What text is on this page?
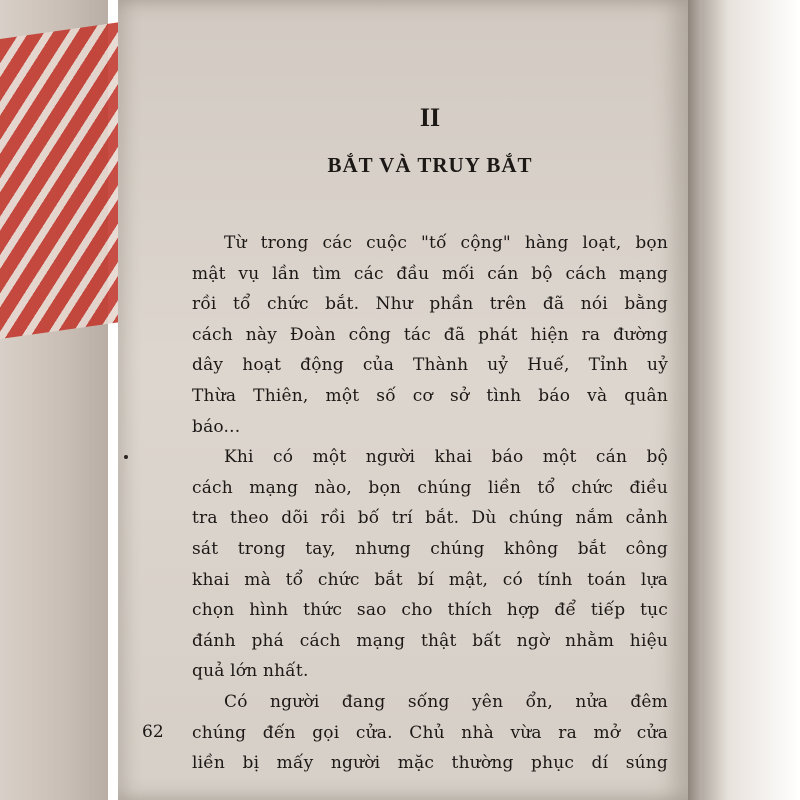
II
BẮT VÀ TRUY BẮT
Từ trong các cuộc "tố cộng" hàng loạt, bọn
mật vụ lần tìm các đầu mối cán bộ cách mạng
rồi tổ chức bắt. Như phần trên đã nói bằng
cách này Đoàn công tác đã phát hiện ra đường
dây hoạt động của Thành uỷ Huế, Tỉnh uỷ
Thừa Thiên, một số cơ sở tình báo và quân
báo...
Khi có một người khai báo một cán bộ
cách mạng nào, bọn chúng liền tổ chức điều
tra theo dõi rồi bố trí bắt. Dù chúng nắm cảnh
sát trong tay, nhưng chúng không bắt công
khai mà tổ chức bắt bí mật, có tính toán lựa
chọn hình thức sao cho thích hợp để tiếp tục
đánh phá cách mạng thật bất ngờ nhằm hiệu
quả lớn nhất.
Có người đang sống yên ổn, nửa đêm
chúng đến gọi cửa. Chủ nhà vừa ra mở cửa
liền bị mấy người mặc thường phục dí súng
62
